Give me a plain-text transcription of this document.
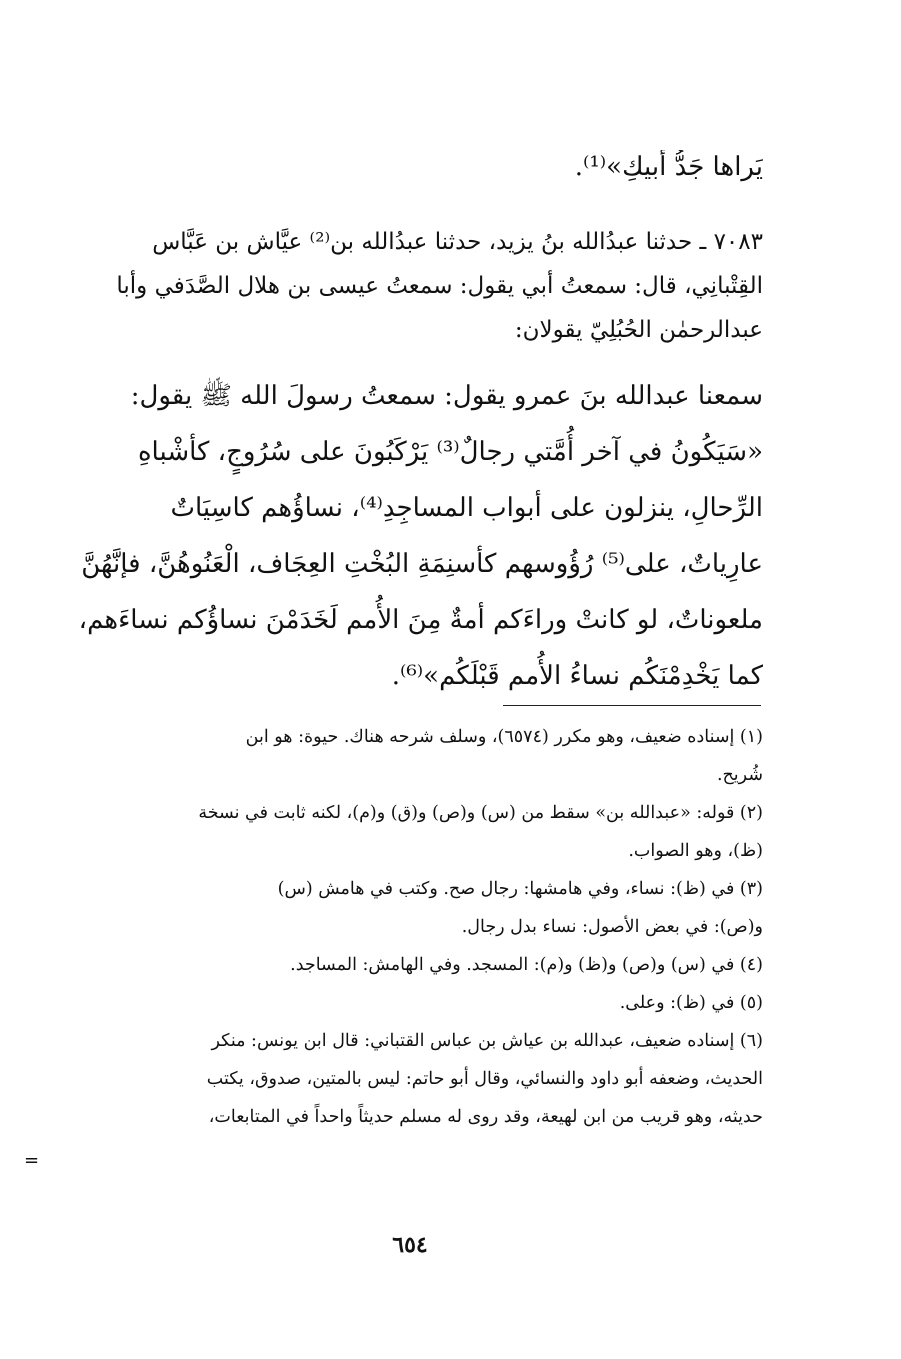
يَراها جَدُّ أبيكِ»⁽¹⁾.
٧٠٨٣ ـ حدثنا عبدُالله بنُ يزيد، حدثنا عبدُالله بن⁽²⁾ عيَّاش بن عَبَّاس
القِتْبانِي، قال: سمعتُ أبي يقول: سمعتُ عيسى بن هلال الصَّدَفي وأبا
عبدالرحمٰن الحُبُلِيّ يقولان:
سمعنا عبدالله بنَ عمرو يقول: سمعتُ رسولَ الله ﷺ يقول:
«سَيَكُونُ في آخر أُمَّتي رجالٌ⁽³⁾ يَرْكَبُونَ على سُرُوجٍ، كأشْباهِ
الرِّحالِ، ينزلون على أبواب المساجِدِ⁽⁴⁾، نساؤُهم كاسِيَاتٌ
عارِياتٌ، على⁽⁵⁾ رُؤُوسهم كأسنِمَةِ البُخْتِ العِجَاف، الْعَنُوهُنَّ، فإنَّهُنَّ
ملعوناتٌ، لو كانتْ وراءَكم أمةٌ مِنَ الأُمم لَخَدَمْنَ نساؤُكم نساءَهم،
كما يَخْدِمْنَكُم نساءُ الأُمم قَبْلَكُم»⁽⁶⁾.
(١) إسناده ضعيف، وهو مكرر (٦٥٧٤)، وسلف شرحه هناك. حيوة: هو ابن
شُريح.
(٢) قوله: «عبدالله بن» سقط من (س) و(ص) و(ق) و(م)، لكنه ثابت في نسخة
(ظ)، وهو الصواب.
(٣) في (ظ): نساء، وفي هامشها: رجال صح. وكتب في هامش (س)
و(ص): في بعض الأصول: نساء بدل رجال.
(٤) في (س) و(ص) و(ظ) و(م): المسجد. وفي الهامش: المساجد.
(٥) في (ظ): وعلى.
(٦) إسناده ضعيف، عبدالله بن عياش بن عباس القتباني: قال ابن يونس: منكر
الحديث، وضعفه أبو داود والنسائي، وقال أبو حاتم: ليس بالمتين، صدوق، يكتب
حديثه، وهو قريب من ابن لهيعة، وقد روى له مسلم حديثاً واحداً في المتابعات،
=
٦٥٤
